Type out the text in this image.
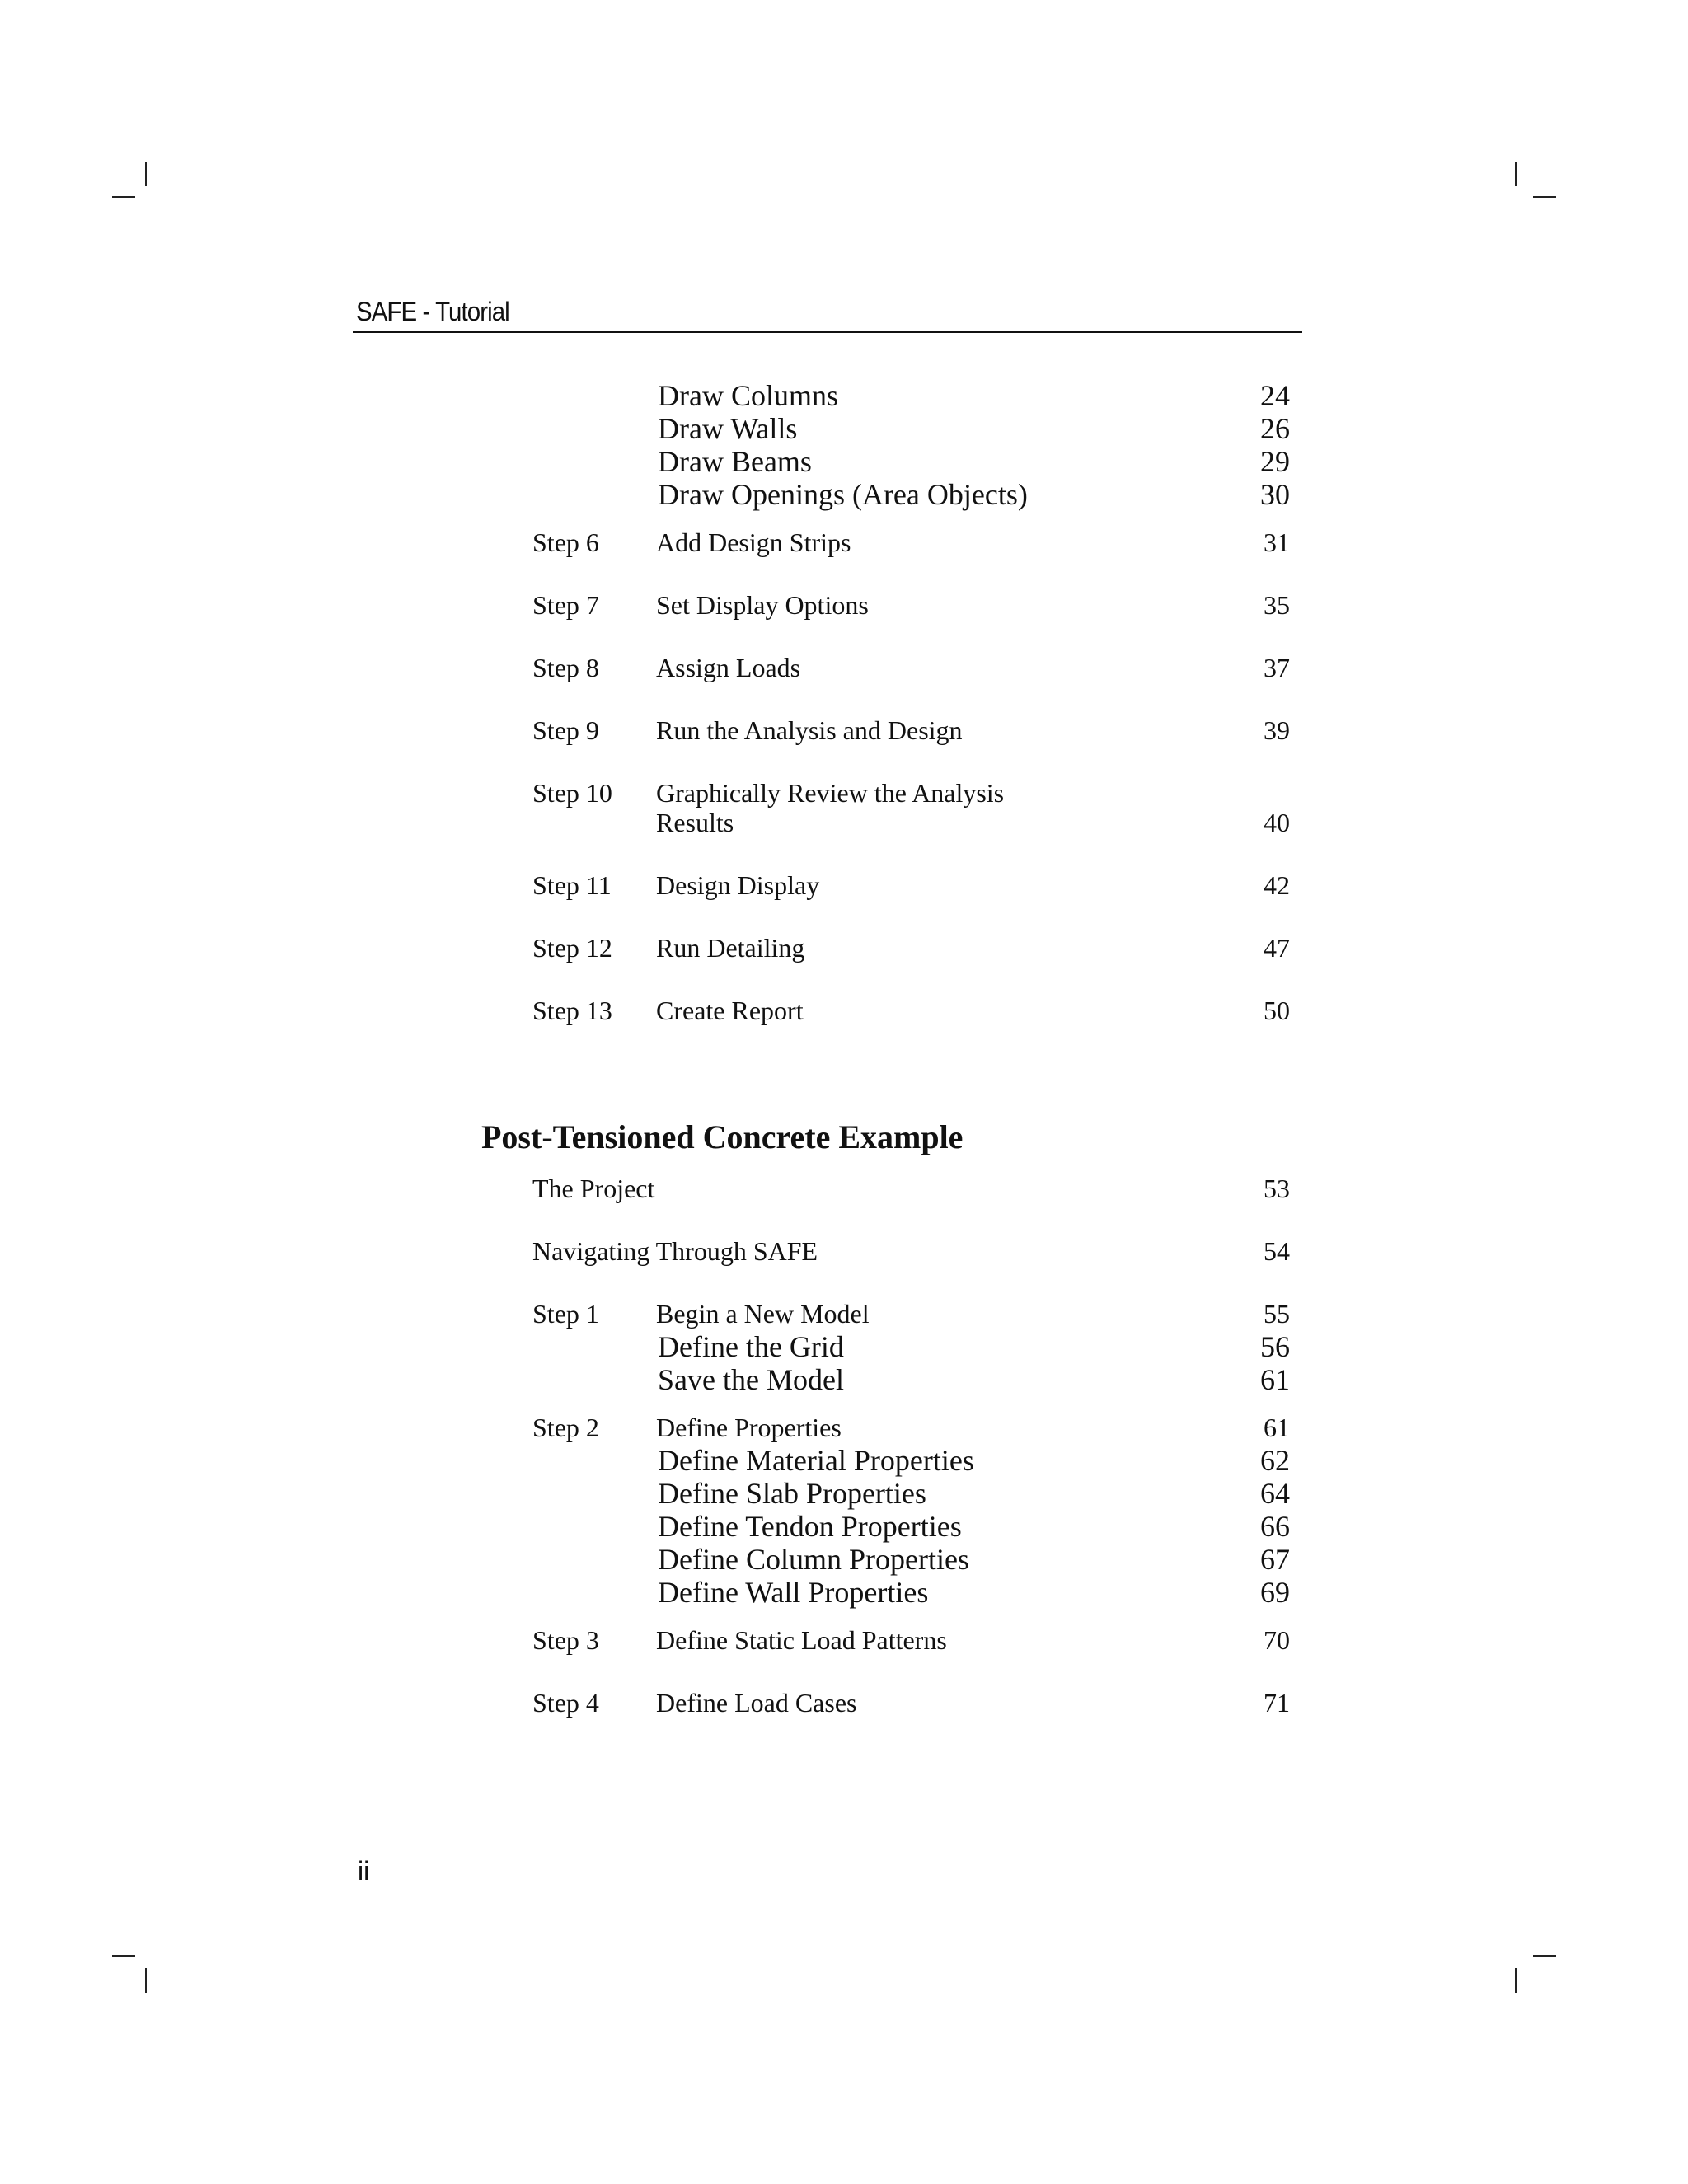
SAFE - Tutorial
Draw Columns	24
Draw Walls	26
Draw Beams	29
Draw Openings (Area Objects)	30
Step 6 Add Design Strips	31
Step 7 Set Display Options	35
Step 8 Assign Loads	37
Step 9 Run the Analysis and Design	39
Step 10 Graphically Review the Analysis
Results	40
Step 11 Design Display	42
Step 12 Run Detailing	47
Step 13 Create Report	50
Post-Tensioned Concrete Example
The Project	53
Navigating Through SAFE	54
Step 1 Begin a New Model	55
Define the Grid	56
Save the Model	61
Step 2 Define Properties	61
Define Material Properties	62
Define Slab Properties	64
Define Tendon Properties	66
Define Column Properties	67
Define Wall Properties	69
Step 3 Define Static Load Patterns	70
Step 4 Define Load Cases	71
ii
